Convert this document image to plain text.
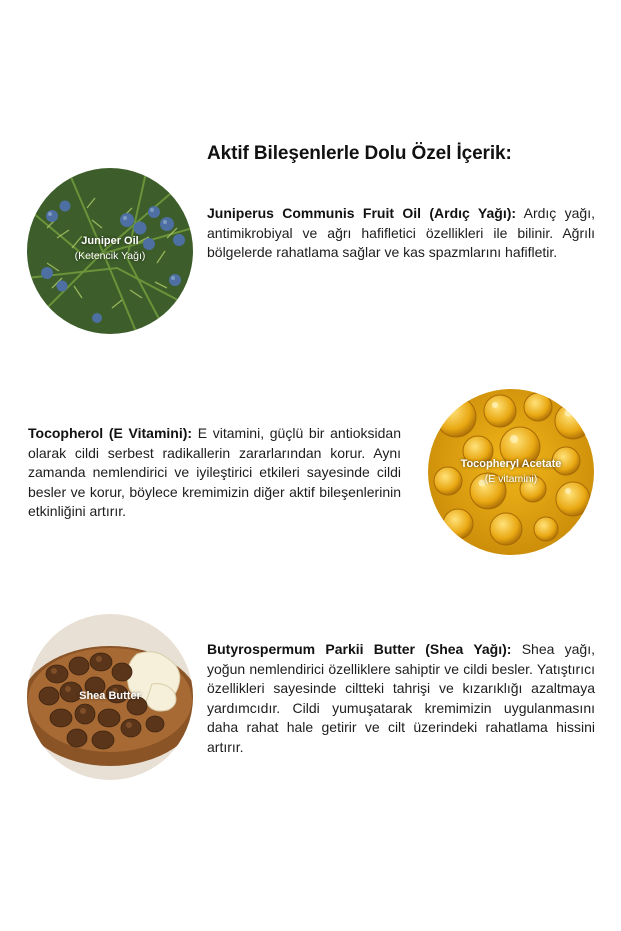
Aktif Bileşenlerle Dolu Özel İçerik:
Juniper Oil
(Ketencik Yağı)
Juniperus Communis Fruit Oil (Ardıç Yağı): Ardıç yağı, antimikrobiyal ve ağrı hafifletici özellikleri ile bilinir. Ağrılı bölgelerde rahatlama sağlar ve kas spazmlarını hafifletir.
Tocopherol (E Vitamini): E vitamini, güçlü bir antioksidan olarak cildi serbest radikallerin zararlarından korur. Aynı zamanda nemlendirici ve iyileştirici etkileri sayesinde cildi besler ve korur, böylece kremimizin diğer aktif bileşenlerinin etkinliğini artırır.
Tocopheryl Acetate
(E vitamini)
Shea Butter
Butyrospermum Parkii Butter (Shea Yağı): Shea yağı, yoğun nemlendirici özelliklere sahiptir ve cildi besler. Yatıştırıcı özellikleri sayesinde ciltteki tahrişi ve kızarıklığı azaltmaya yardımcıdır. Cildi yumuşatarak kremimizin uygulanmasını daha rahat hale getirir ve cilt üzerindeki rahatlama hissini artırır.
